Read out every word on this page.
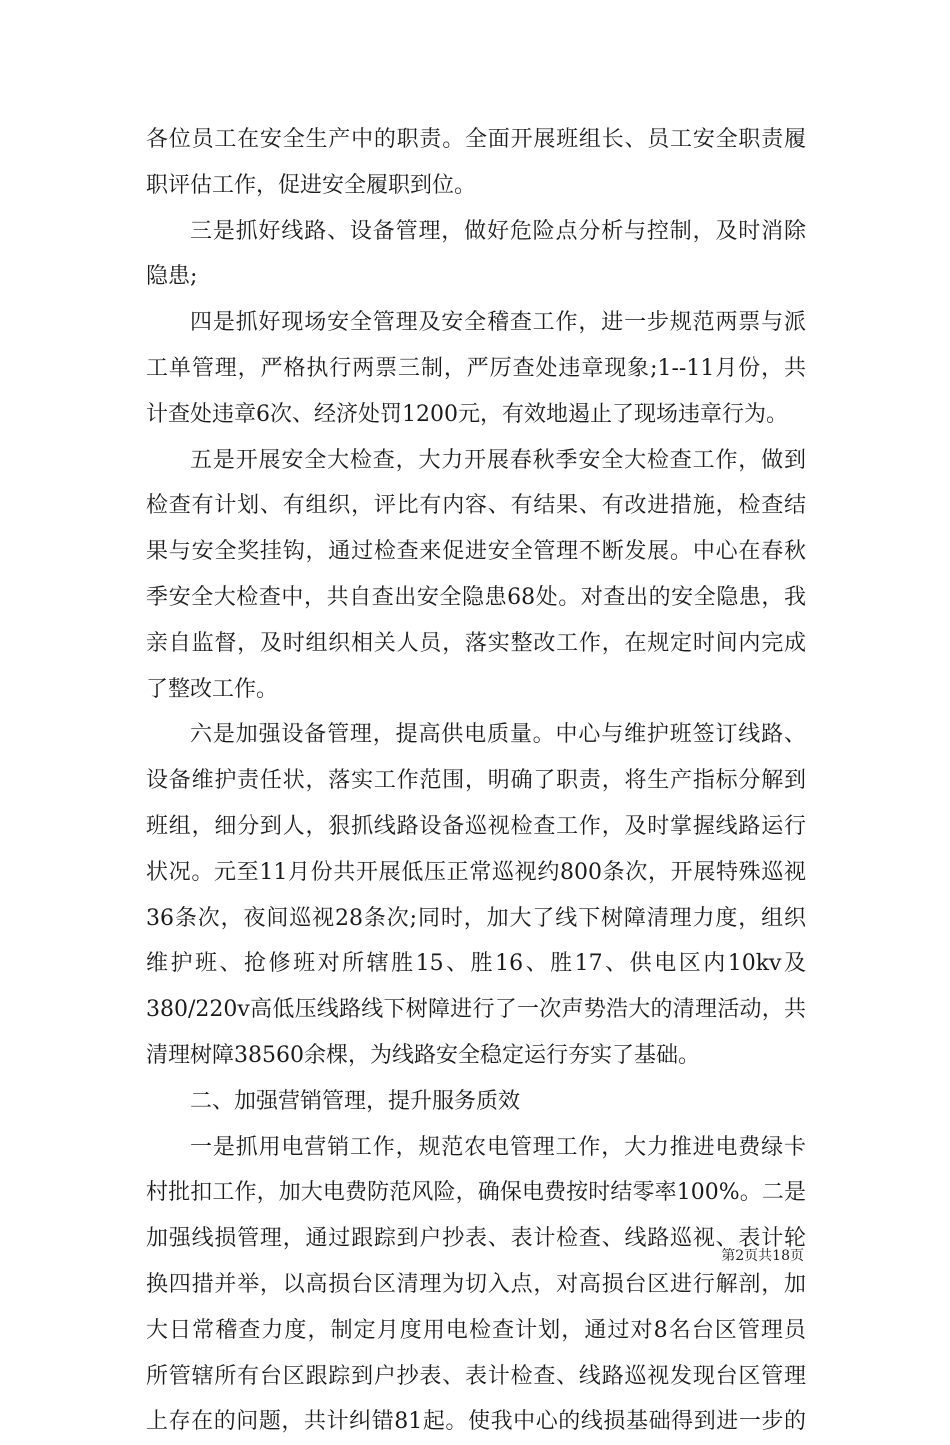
各位员工在安全生产中的职责。全面开展班组长、员工安全职责履
职评估工作，促进安全履职到位。
三是抓好线路、设备管理，做好危险点分析与控制，及时消除
隐患;
四是抓好现场安全管理及安全稽查工作，进一步规范两票与派
工单管理，严格执行两票三制，严厉查处违章现象;1--11月份，共
计查处违章6次、经济处罚1200元，有效地遏止了现场违章行为。
五是开展安全大检查，大力开展春秋季安全大检查工作，做到
检查有计划、有组织，评比有内容、有结果、有改进措施，检查结
果与安全奖挂钩，通过检查来促进安全管理不断发展。中心在春秋
季安全大检查中，共自查出安全隐患68处。对查出的安全隐患，我
亲自监督，及时组织相关人员，落实整改工作，在规定时间内完成
了整改工作。
六是加强设备管理，提高供电质量。中心与维护班签订线路、
设备维护责任状，落实工作范围，明确了职责，将生产指标分解到
班组，细分到人，狠抓线路设备巡视检查工作，及时掌握线路运行
状况。元至11月份共开展低压正常巡视约800条次，开展特殊巡视
36条次，夜间巡视28条次;同时，加大了线下树障清理力度，组织
维护班、抢修班对所辖胜15、胜16、胜17、供电区内10kv及
380/220v高低压线路线下树障进行了一次声势浩大的清理活动，共
清理树障38560余棵，为线路安全稳定运行夯实了基础。
二、加强营销管理，提升服务质效
一是抓用电营销工作，规范农电管理工作，大力推进电费绿卡
村批扣工作，加大电费防范风险，确保电费按时结零率100%。二是
加强线损管理，通过跟踪到户抄表、表计检查、线路巡视、表计轮
换四措并举，以高损台区清理为切入点，对高损台区进行解剖，加
大日常稽查力度，制定月度用电检查计划，通过对8名台区管理员
所管辖所有台区跟踪到户抄表、表计检查、线路巡视发现台区管理
上存在的问题，共计纠错81起。使我中心的线损基础得到进一步的
第2页共18页
